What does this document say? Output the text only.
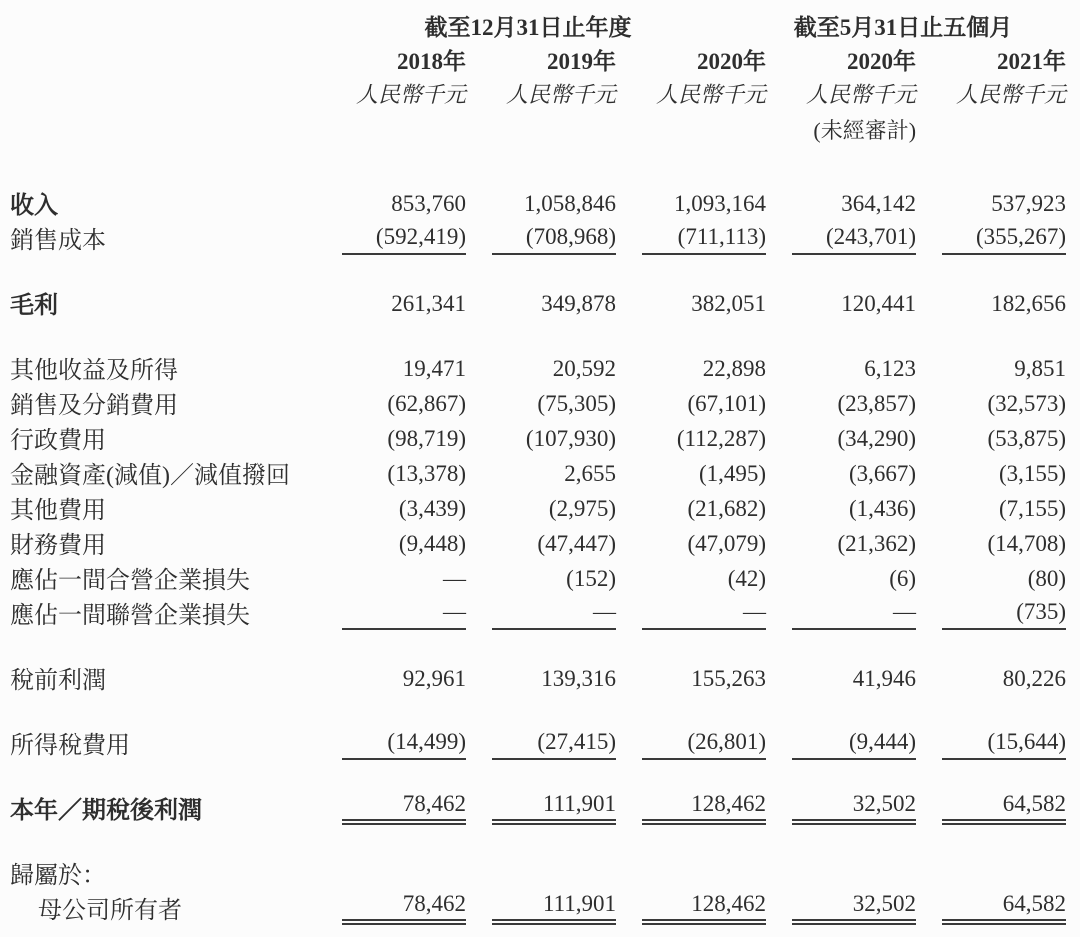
	截至12月31日止年度			截至5月31日止五個月	
	2018年	2019年	2020年	2020年	2021年
	人民幣千元	人民幣千元	人民幣千元	人民幣千元	人民幣千元
				(未經審計)	

收入	853,760	1,058,846	1,093,164	364,142	537,923

銷售成本	(592,419)	(708,968)	(711,113)	(243,701)	(355,267)

毛利	261,341	349,878	382,051	120,441	182,656

其他收益及所得	19,471	20,592	22,898	6,123	9,851

銷售及分銷費用	(62,867)	(75,305)	(67,101)	(23,857)	(32,573)

行政費用	(98,719)	(107,930)	(112,287)	(34,290)	(53,875)

金融資產(減值)／減值撥回	(13,378)	2,655	(1,495)	(3,667)	(3,155)

其他費用	(3,439)	(2,975)	(21,682)	(1,436)	(7,155)

財務費用	(9,448)	(47,447)	(47,079)	(21,362)	(14,708)

應佔一間合營企業損失	—	(152)	(42)	(6)	(80)

應佔一間聯營企業損失	—	—	—	—	(735)

稅前利潤	92,961	139,316	155,263	41,946	80,226

所得稅費用	(14,499)	(27,415)	(26,801)	(9,444)	(15,644)

本年／期稅後利潤	78,462	111,901	128,462	32,502	64,582

歸屬於：	

母公司所有者	78,462	111,901	128,462	32,502	64,582
